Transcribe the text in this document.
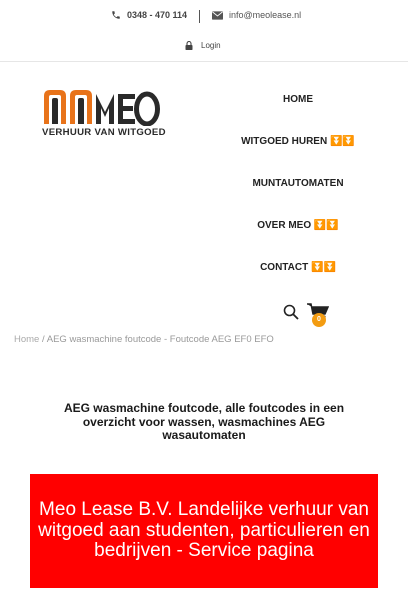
0348 - 470 114	info@meolease.nl
Login
VERHUUR VAN WITGOED
HOME
WITGOED HUREN ⏬⏬
MUNTAUTOMATEN
OVER MEO ⏬⏬
CONTACT ⏬⏬
0
Home / AEG wasmachine foutcode - Foutcode AEG EF0 EFO
AEG wasmachine foutcode, alle foutcodes in een overzicht voor wassen, wasmachines AEG wasautomaten

Meo Lease B.V. Landelijke verhuur van witgoed aan studenten, particulieren en bedrijven - Service pagina
